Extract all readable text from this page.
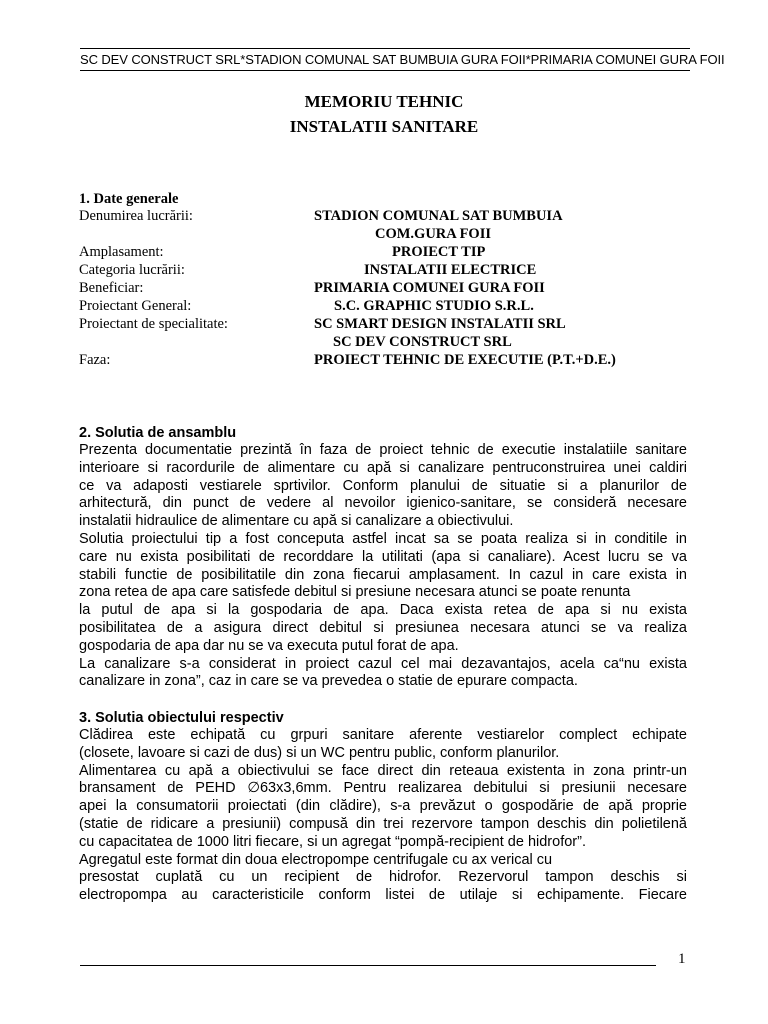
SC DEV CONSTRUCT SRL*STADION COMUNAL SAT BUMBUIA GURA FOII*PRIMARIA COMUNEI GURA FOII
MEMORIU TEHNIC
INSTALATII SANITARE
1. Date generale
Denumirea lucrării:	STADION COMUNAL SAT BUMBUIA
COM.GURA FOII
Amplasament:	PROIECT TIP
Categoria lucrării:	INSTALATII ELECTRICE
Beneficiar:	PRIMARIA COMUNEI GURA FOII
Proiectant General:	S.C. GRAPHIC STUDIO S.R.L.
Proiectant de specialitate:	SC SMART DESIGN INSTALATII SRL
SC DEV CONSTRUCT SRL
Faza:	PROIECT TEHNIC DE EXECUTIE (P.T.+D.E.)
2. Solutia de ansamblu
Prezenta documentatie prezintă în faza de proiect tehnic de executie instalatiile sanitare
interioare si racordurile de alimentare cu apă si canalizare pentruconstruirea unei caldiri
ce va adaposti vestiarele sprtivilor. Conform planului de situatie si a planurilor de
arhitectură, din punct de vedere al nevoilor igienico-sanitare, se consideră necesare
instalatii hidraulice de alimentare cu apă si canalizare a obiectivului.
Solutia proiectului tip a fost conceputa astfel incat sa se poata realiza si in conditile in
care nu exista posibilitati de recorddare la utilitati (apa si canaliare). Acest lucru se va
stabili functie de posibilitatile din zona fiecarui amplasament. In cazul in care exista in
zona retea de apa care satisfede debitul si presiune necesara atunci se poate renunta
la putul de apa si la gospodaria de apa. Daca exista retea de apa si nu exista
posibilitatea de a asigura direct debitul si presiunea necesara atunci se va realiza
gospodaria de apa dar nu se va executa putul forat de apa.
La canalizare s-a considerat in proiect cazul cel mai dezavantajos, acela ca“nu exista
canalizare in zona”, caz in care se va prevedea o statie de epurare compacta.
3. Solutia obiectului respectiv
Clădirea este echipată cu grpuri sanitare aferente vestiarelor complect echipate
(closete, lavoare si cazi de dus) si un WC pentru public, conform planurilor.
Alimentarea cu apă a obiectivului se face direct din reteaua existenta in zona printr-un
bransament de PEHD ∅63x3,6mm. Pentru realizarea debitului si presiunii necesare
apei la consumatorii proiectati (din clădire), s-a prevăzut o gospodărie de apă proprie
(statie de ridicare a presiunii) compusă din trei rezervore tampon deschis din polietilenă
cu capacitatea de 1000 litri fiecare, si un agregat “pompă-recipient de hidrofor”.
Agregatul este format din doua electropompe centrifugale cu ax verical cu
presostat cuplată cu un recipient de hidrofor. Rezervorul tampon deschis si
electropompa au caracteristicile conform listei de utilaje si echipamente. Fiecare
1
